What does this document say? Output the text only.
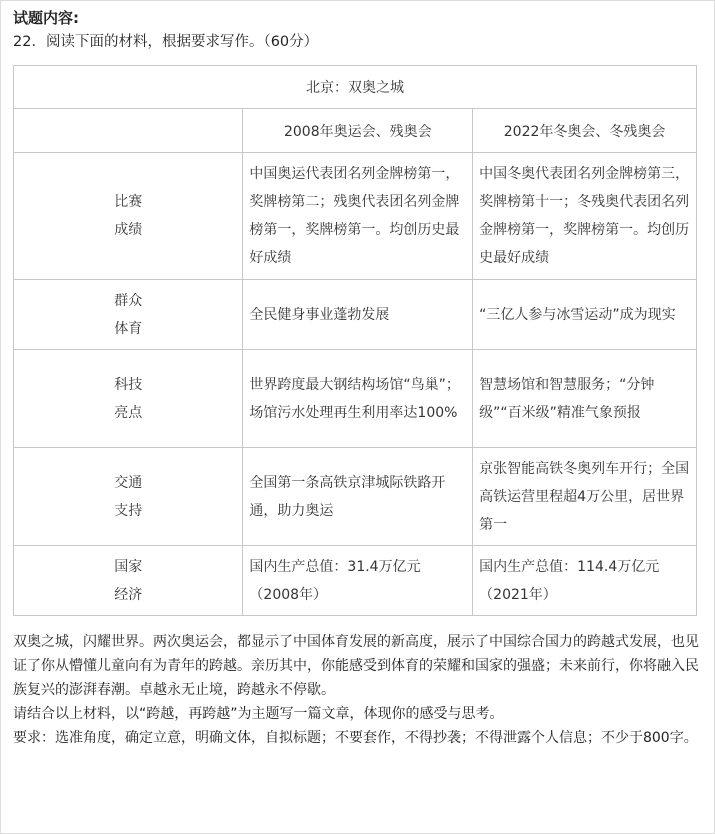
试题内容:
22．阅读下面的材料，根据要求写作。（60分）
北京：双奥之城		
	2008年奥运会、残奥会	2022年冬奥会、冬残奥会

比赛
成绩	中国奥运代表团名列金牌榜第一，奖牌榜第二；残奥代表团名列金牌榜第一，奖牌榜第一。均创历史最好成绩	中国冬奥代表团名列金牌榜第三，奖牌榜第十一；冬残奥代表团名列金牌榜第一，奖牌榜第一。均创历史最好成绩

群众
体育	全民健身事业蓬勃发展	“三亿人参与冰雪运动”成为现实

科技
亮点	世界跨度最大钢结构场馆“鸟巢”；场馆污水处理再生利用率达100%	智慧场馆和智慧服务；“分钟级”“百米级”精准气象预报

交通
支持	全国第一条高铁京津城际铁路开通，助力奥运	京张智能高铁冬奥列车开行；全国高铁运营里程超4万公里，居世界第一

国家
经济	国内生产总值：31.4万亿元（2008年）	国内生产总值：114.4万亿元（2021年）

双奥之城，闪耀世界。两次奥运会，都显示了中国体育发展的新高度，展示了中国综合国力的跨越式发展，也见证了你从懵懂儿童向有为青年的跨越。亲历其中，你能感受到体育的荣耀和国家的强盛；未来前行，你将融入民族复兴的澎湃春潮。卓越永无止境，跨越永不停歇。

请结合以上材料，以“跨越，再跨越”为主题写一篇文章，体现你的感受与思考。

要求：选准角度，确定立意，明确文体，自拟标题；不要套作，不得抄袭；不得泄露个人信息；不少于800字。
